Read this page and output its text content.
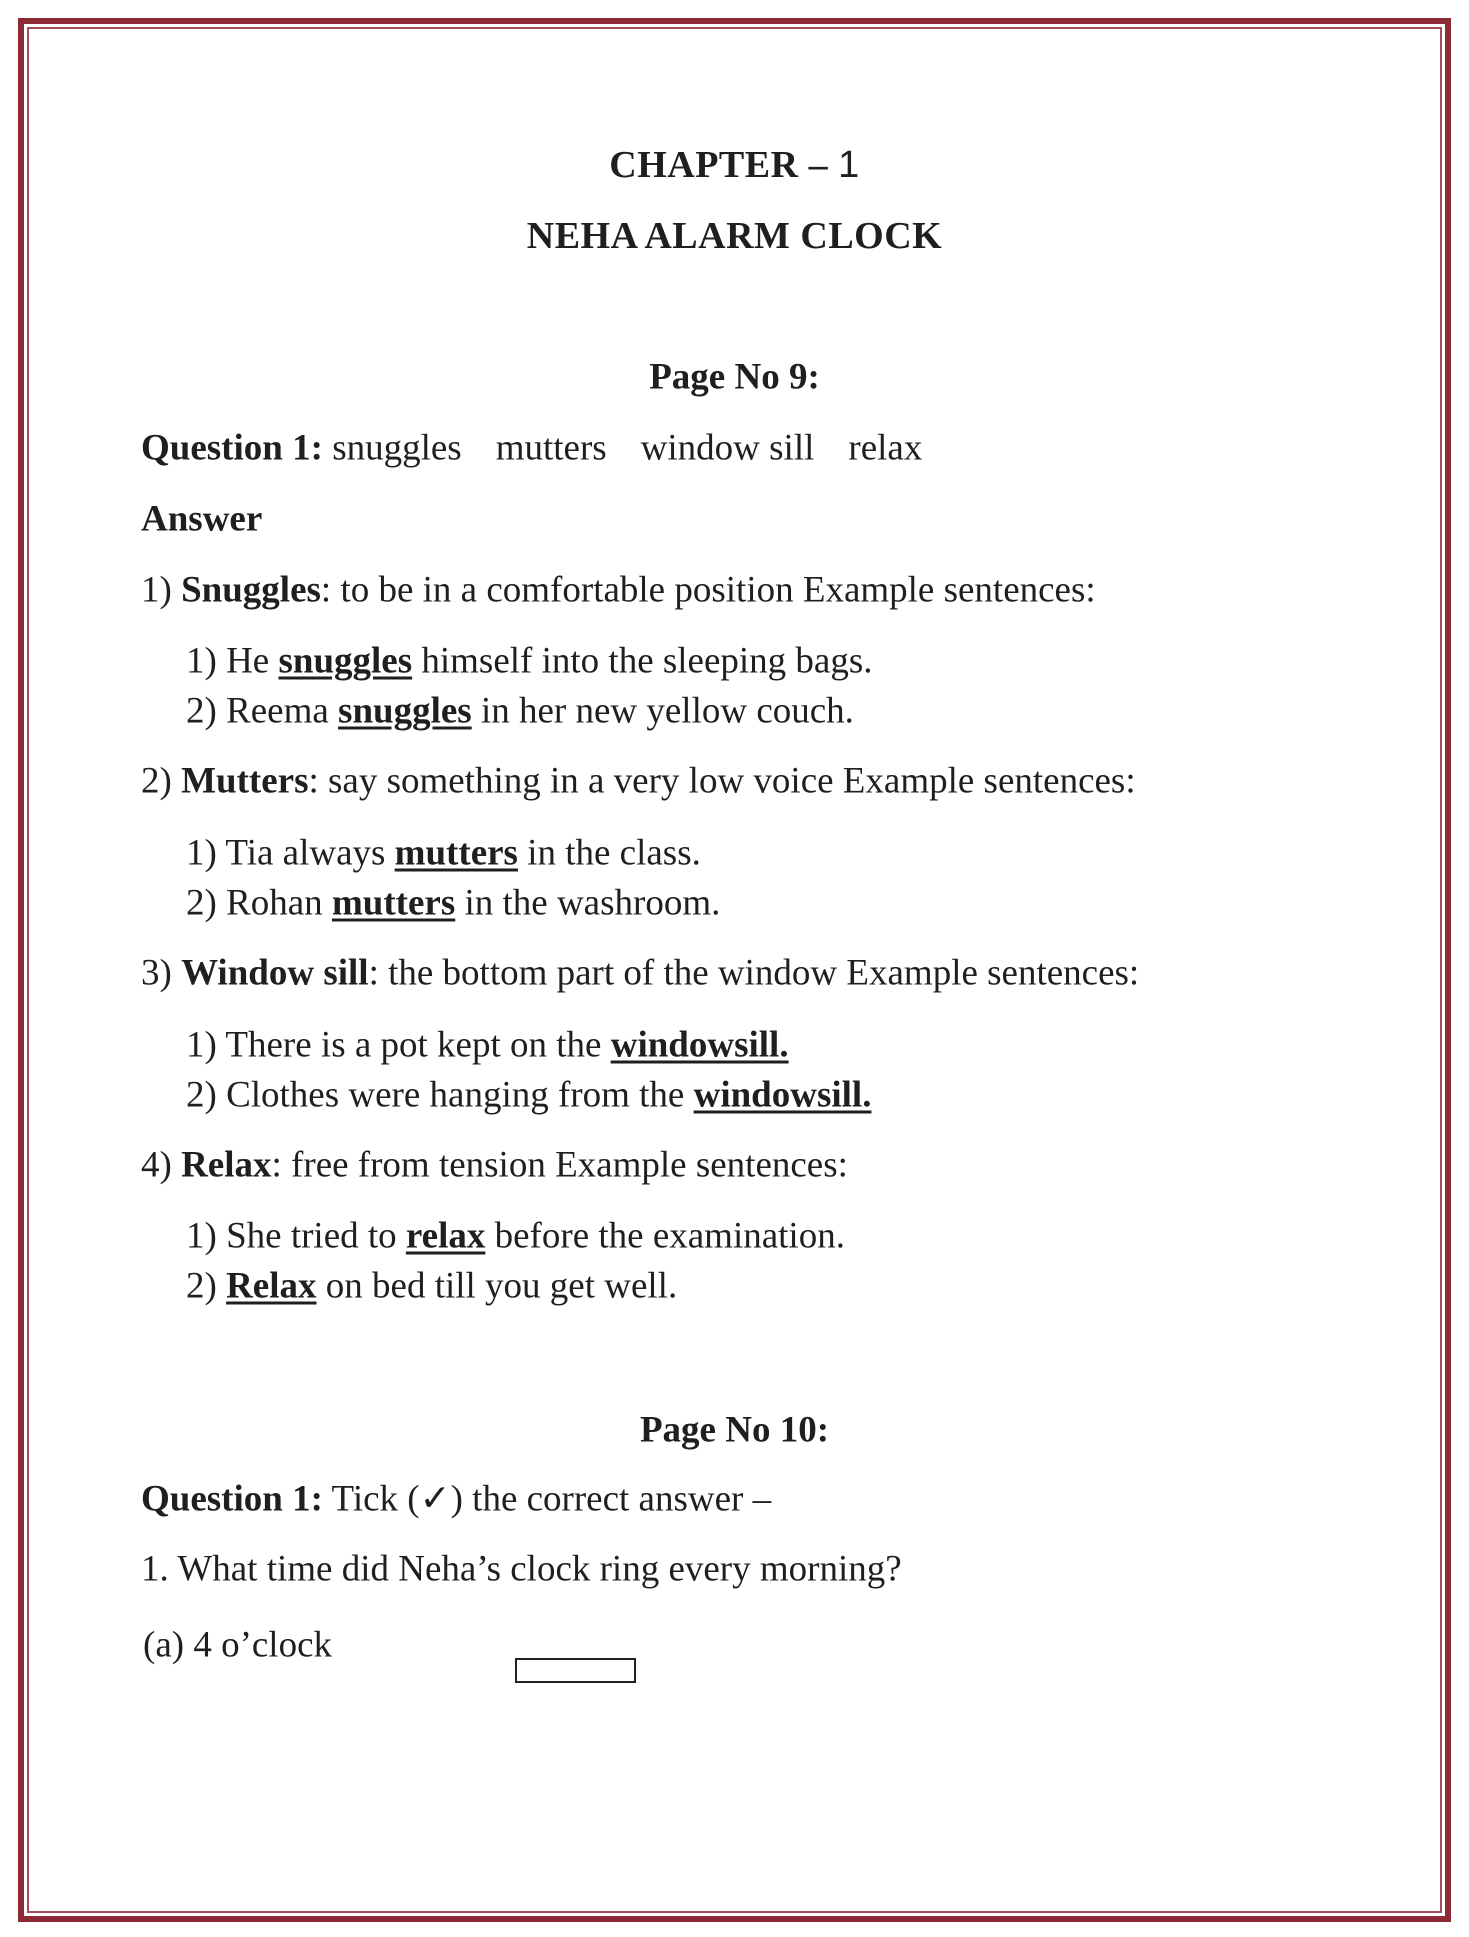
CHAPTER – 1
NEHA ALARM CLOCK
Page No 9:
Question 1: snuggles mutters window sill relax
Answer
1) Snuggles: to be in a comfortable position Example sentences:
1) He snuggles himself into the sleeping bags.
2) Reema snuggles in her new yellow couch.
2) Mutters: say something in a very low voice Example sentences:
1) Tia always mutters in the class.
2) Rohan mutters in the washroom.
3) Window sill: the bottom part of the window Example sentences:
1) There is a pot kept on the windowsill.
2) Clothes were hanging from the windowsill.
4) Relax: free from tension Example sentences:
1) She tried to relax before the examination.
2) Relax on bed till you get well.
Page No 10:
Question 1: Tick (✓) the correct answer –
1. What time did Neha’s clock ring every morning?
(a) 4 o’clock
